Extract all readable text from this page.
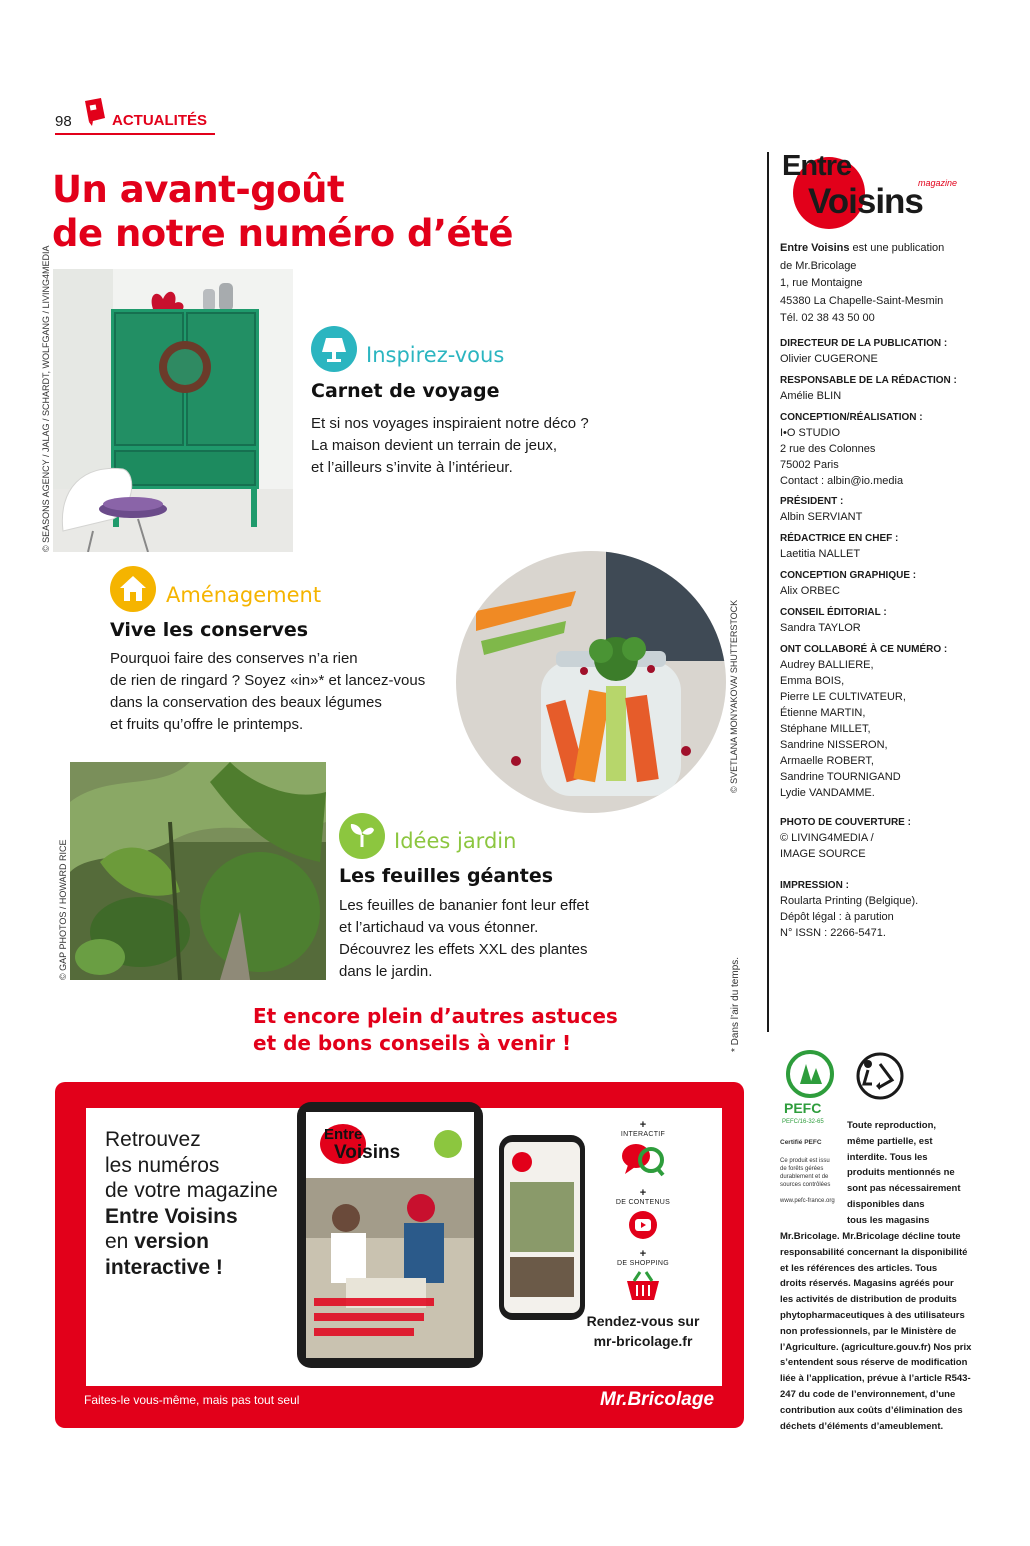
98	ACTUALITÉS
Un avant-goût
de notre numéro d’été
© SEASONS AGENCY / JALAG / SCHARDT, WOLFGANG / LIVING4MEDIA	Inspirez-vous
Carnet de voyage
Et si nos voyages inspiraient notre déco ?
La maison devient un terrain de jeux,
et l’ailleurs s’invite à l’intérieur.
Aménagement
Vive les conserves
Pourquoi faire des conserves n’a rien
de rien de ringard ? Soyez «in»* et lancez-vous
dans la conservation des beaux légumes
et fruits qu’offre le printemps.	© SVETLANA MONYAKOVA/ SHUTTERSTOCK
© GAP PHOTOS / HOWARD RICE	Idées jardin
Les feuilles géantes
Les feuilles de bananier font leur effet
et l’artichaud va vous étonner.
Découvrez les effets XXL des plantes
dans le jardin.
Et encore plein d’autres astuces
et de bons conseils à venir !	* Dans l’air du temps.
Retrouvez
les numéros
de votre magazine
Entre Voisins
en version
interactive !
Entre
Voisins
+
INTERACTIF
+
DE CONTENUS
+
DE SHOPPING
Rendez-vous sur
mr-bricolage.fr
Faites-le vous-même, mais pas tout seul	Mr.Bricolage
Entre
Voisins
magazine
Entre Voisins est une publication
de Mr.Bricolage
1, rue Montaigne
45380 La Chapelle-Saint-Mesmin
Tél. 02 38 43 50 00
DIRECTEUR DE LA PUBLICATION :
Olivier CUGERONE
RESPONSABLE DE LA RÉDACTION :
Amélie BLIN
CONCEPTION/RÉALISATION :
I•O STUDIO
2 rue des Colonnes
75002 Paris
Contact : albin@io.media
PRÉSIDENT :
Albin SERVIANT
RÉDACTRICE EN CHEF :
Laetitia NALLET
CONCEPTION GRAPHIQUE :
Alix ORBEC
CONSEIL ÉDITORIAL :
Sandra TAYLOR
ONT COLLABORÉ À CE NUMÉRO :
Audrey BALLIERE,
Emma BOIS,
Pierre LE CULTIVATEUR,
Étienne MARTIN,
Stéphane MILLET,
Sandrine NISSERON,
Armaelle ROBERT,
Sandrine TOURNIGAND
Lydie VANDAMME.
PHOTO DE COUVERTURE :
© LIVING4MEDIA /
IMAGE SOURCE
IMPRESSION :
Roularta Printing (Belgique).
Dépôt légal : à parution
N° ISSN : 2266-5471.
PEFC
PEFC/16-32-65
Certifié PEFC
Ce produit est issu
de forêts gérées
durablement et de
sources contrôlées
www.pefc-france.org
Toute reproduction,
même partielle, est
interdite. Tous les
produits mentionnés ne
sont pas nécessairement
disponibles dans
tous les magasins
Mr.Bricolage. Mr.Bricolage décline toute
responsabilité concernant la disponibilité
et les références des articles. Tous
droits réservés. Magasins agréés pour
les activités de distribution de produits
phytopharmaceutiques à des utilisateurs
non professionnels, par le Ministère de
l’Agriculture. (agriculture.gouv.fr) Nos prix
s’entendent sous réserve de modification
liée à l’application, prévue à l’article R543-
247 du code de l’environnement, d’une
contribution aux coûts d’élimination des
déchets d’éléments d’ameublement.
